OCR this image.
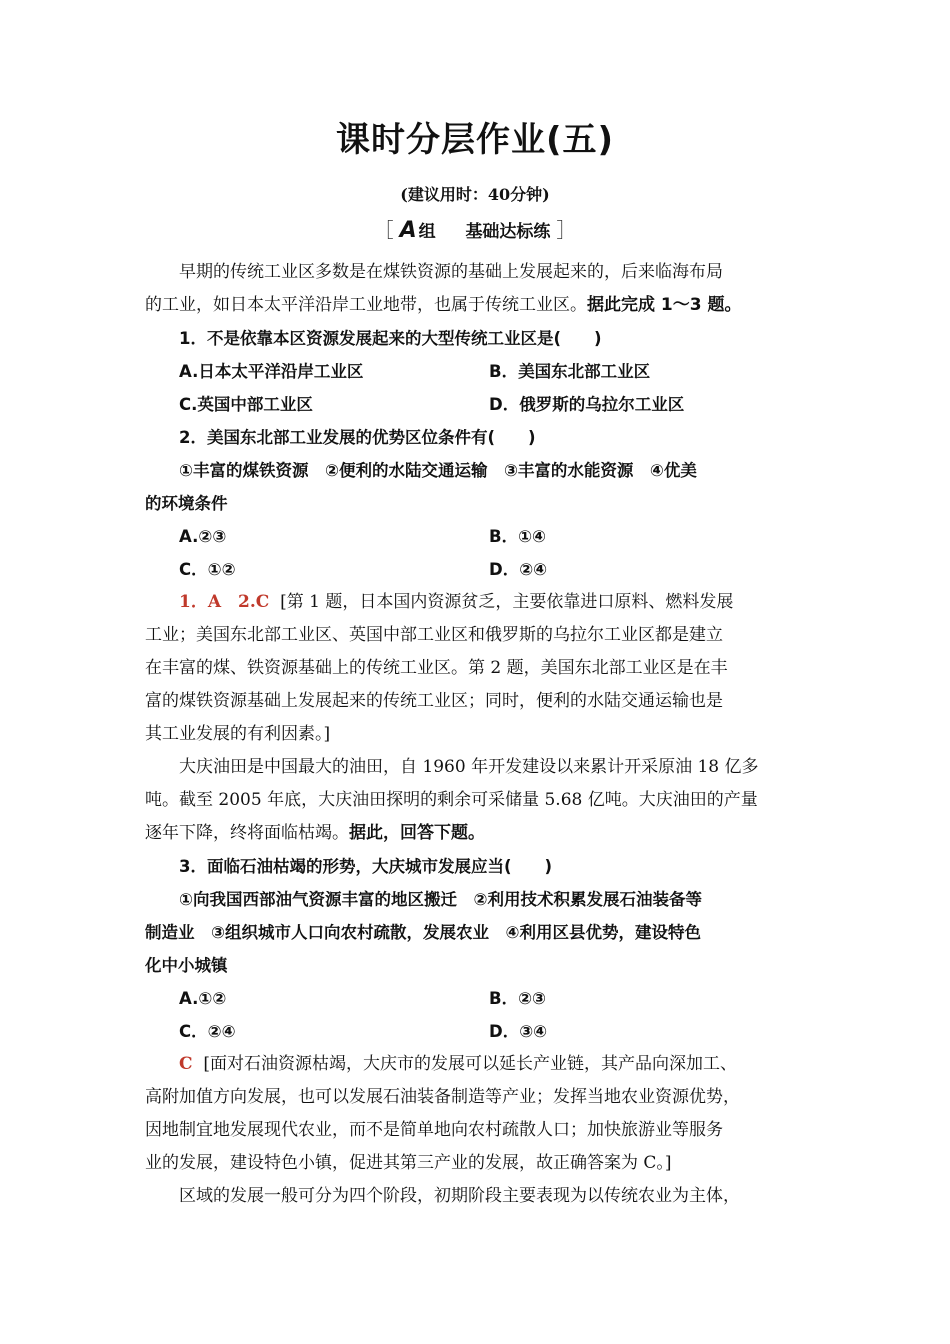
课时分层作业(五)
(建议用时：40分钟)
［ A 组 基础达标练 ］
早期的传统工业区多数是在煤铁资源的基础上发展起来的，后来临海布局
的工业，如日本太平洋沿岸工业地带，也属于传统工业区。据此完成 1～3 题。
1．不是依靠本区资源发展起来的大型传统工业区是(　　)
A.日本太平洋沿岸工业区	B．美国东北部工业区
C.英国中部工业区	D．俄罗斯的乌拉尔工业区
2．美国东北部工业发展的优势区位条件有(　　)
①丰富的煤铁资源　②便利的水陆交通运输　③丰富的水能资源　④优美
的环境条件
A.②③	B．①④
C．①②	D．②④
1．A　2.C [第 1 题，日本国内资源贫乏，主要依靠进口原料、燃料发展
工业；美国东北部工业区、英国中部工业区和俄罗斯的乌拉尔工业区都是建立
在丰富的煤、铁资源基础上的传统工业区。第 2 题，美国东北部工业区是在丰
富的煤铁资源基础上发展起来的传统工业区；同时，便利的水陆交通运输也是
其工业发展的有利因素。]
大庆油田是中国最大的油田，自 1960 年开发建设以来累计开采原油 18 亿多
吨。截至 2005 年底，大庆油田探明的剩余可采储量 5.68 亿吨。大庆油田的产量
逐年下降，终将面临枯竭。据此，回答下题。
3．面临石油枯竭的形势，大庆城市发展应当(　　)
①向我国西部油气资源丰富的地区搬迁　②利用技术积累发展石油装备等
制造业　③组织城市人口向农村疏散，发展农业　④利用区县优势，建设特色
化中小城镇
A.①②	B．②③
C．②④	D．③④
C [面对石油资源枯竭，大庆市的发展可以延长产业链，其产品向深加工、
高附加值方向发展，也可以发展石油装备制造等产业；发挥当地农业资源优势，
因地制宜地发展现代农业，而不是简单地向农村疏散人口；加快旅游业等服务
业的发展，建设特色小镇，促进其第三产业的发展，故正确答案为 C。]
区域的发展一般可分为四个阶段，初期阶段主要表现为以传统农业为主体，
